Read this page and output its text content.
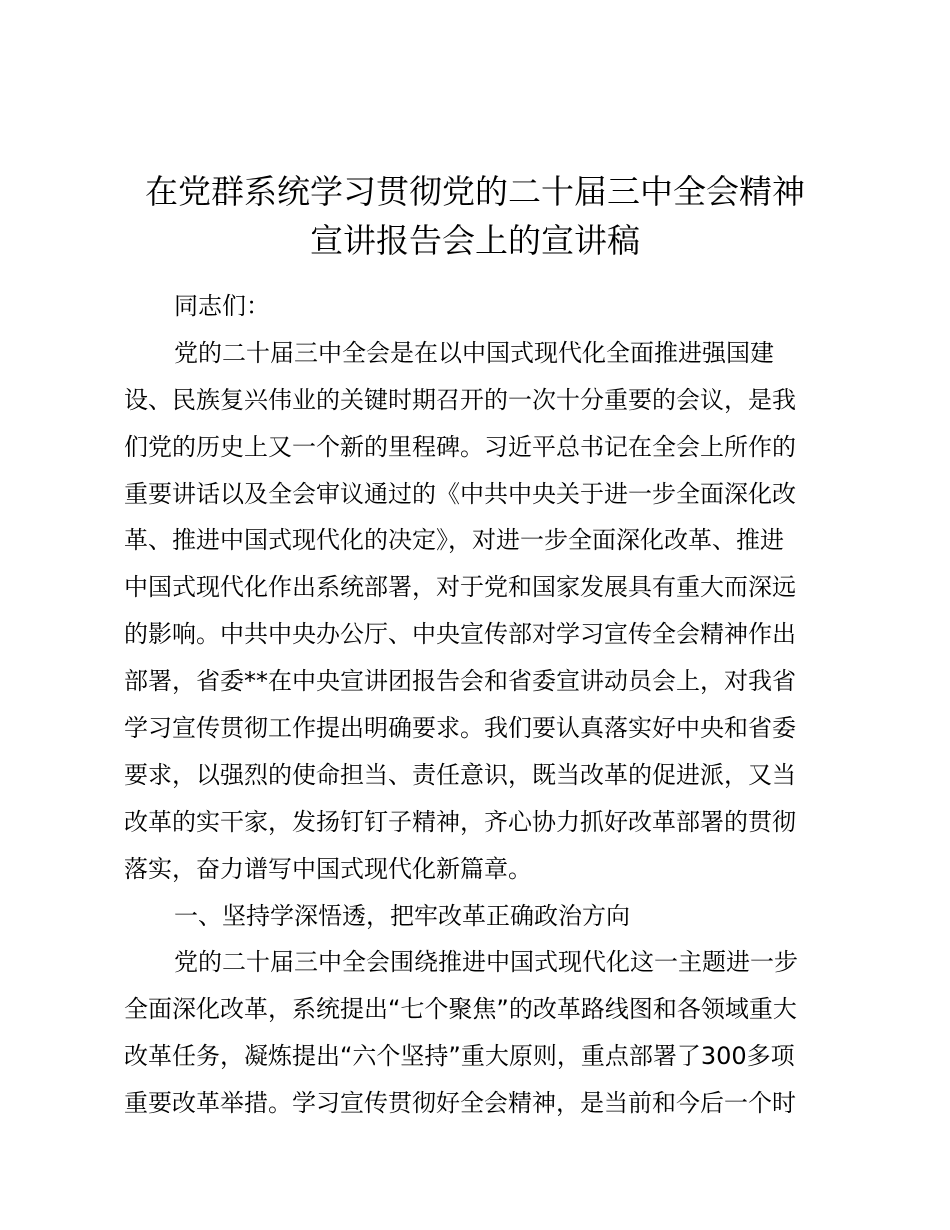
在党群系统学习贯彻党的二十届三中全会精神
宣讲报告会上的宣讲稿
同志们：
党的二十届三中全会是在以中国式现代化全面推进强国建
设、民族复兴伟业的关键时期召开的一次十分重要的会议，是我
们党的历史上又一个新的里程碑。习近平总书记在全会上所作的
重要讲话以及全会审议通过的《中共中央关于进一步全面深化改
革、推进中国式现代化的决定》，对进一步全面深化改革、推进
中国式现代化作出系统部署，对于党和国家发展具有重大而深远
的影响。中共中央办公厅、中央宣传部对学习宣传全会精神作出
部署，省委**在中央宣讲团报告会和省委宣讲动员会上，对我省
学习宣传贯彻工作提出明确要求。我们要认真落实好中央和省委
要求，以强烈的使命担当、责任意识，既当改革的促进派，又当
改革的实干家，发扬钉钉子精神，齐心协力抓好改革部署的贯彻
落实，奋力谱写中国式现代化新篇章。
一、坚持学深悟透，把牢改革正确政治方向
党的二十届三中全会围绕推进中国式现代化这一主题进一步
全面深化改革，系统提出“七个聚焦”的改革路线图和各领域重大
改革任务，凝炼提出“六个坚持”重大原则，重点部署了300多项
重要改革举措。学习宣传贯彻好全会精神，是当前和今后一个时
